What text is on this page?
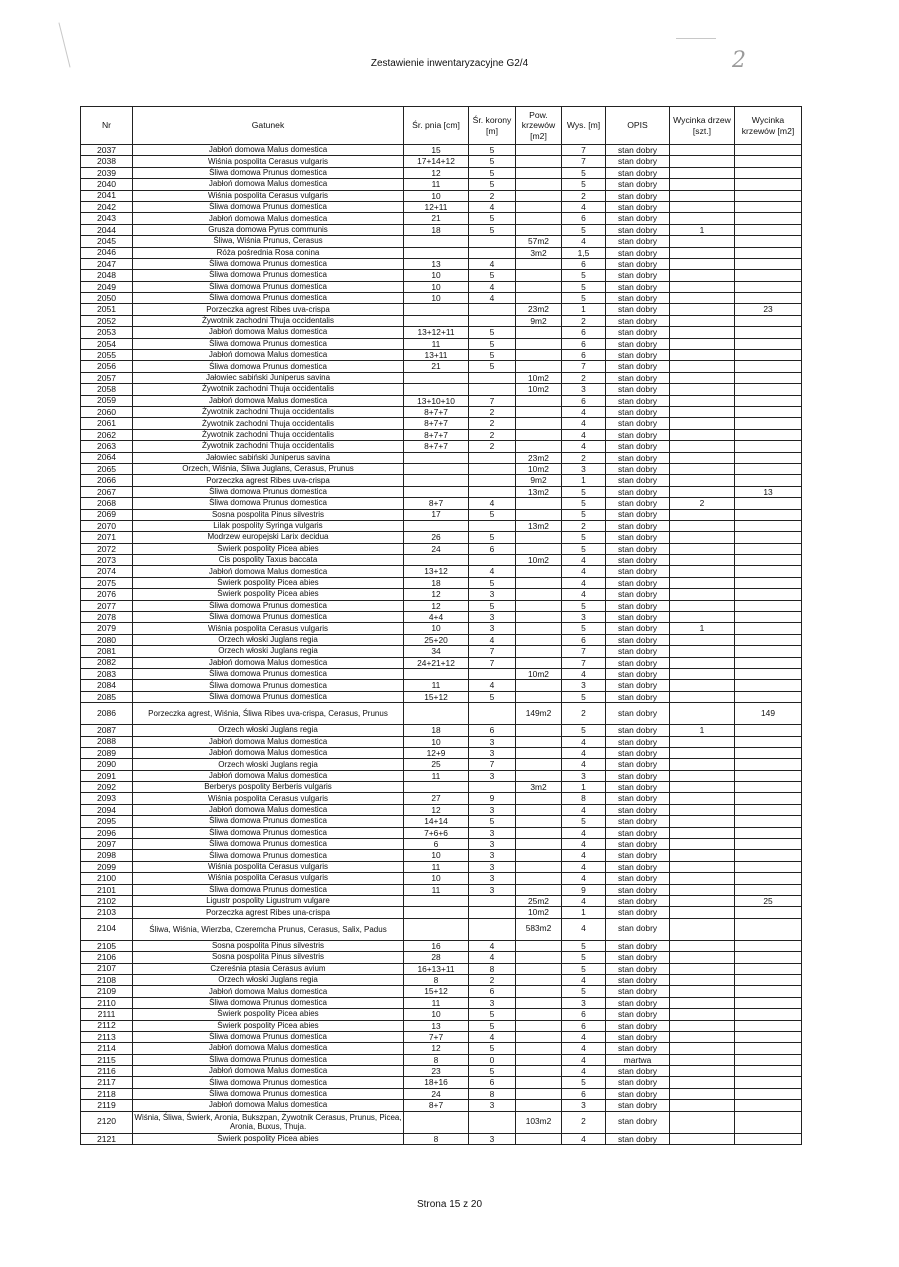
Zestawienie inwentaryzacyjne G2/4	2
Nr	Gatunek	Śr. pnia [cm]	Śr. korony [m]	Pow. krzewów [m2]	Wys. [m]	OPIS	Wycinka drzew [szt.]	Wycinka krzewów [m2]
2037	Jabłoń domowa Malus domestica	15	5		7	stan dobry		
2038	Wiśnia pospolita Cerasus vulgaris	17+14+12	5		7	stan dobry		
2039	Śliwa domowa Prunus domestica	12	5		5	stan dobry		
2040	Jabłoń domowa Malus domestica	11	5		5	stan dobry		
2041	Wiśnia pospolita Cerasus vulgaris	10	2		2	stan dobry		
2042	Śliwa domowa Prunus domestica	12+11	4		4	stan dobry		
2043	Jabłoń domowa Malus domestica	21	5		6	stan dobry		
2044	Grusza domowa Pyrus communis	18	5		5	stan dobry	1	
2045	Śliwa, Wiśnia Prunus, Cerasus			57m2	4	stan dobry		
2046	Róża pośrednia Rosa conina			3m2	1,5	stan dobry		
2047	Śliwa domowa Prunus domestica	13	4		6	stan dobry		
2048	Śliwa domowa Prunus domestica	10	5		5	stan dobry		
2049	Śliwa domowa Prunus domestica	10	4		5	stan dobry		
2050	Śliwa domowa Prunus domestica	10	4		5	stan dobry		
2051	Porzeczka agrest Ribes uva-crispa			23m2	1	stan dobry		23
2052	Żywotnik zachodni Thuja occidentalis			9m2	2	stan dobry		
2053	Jabłoń domowa Malus domestica	13+12+11	5		6	stan dobry		
2054	Śliwa domowa Prunus domestica	11	5		6	stan dobry		
2055	Jabłoń domowa Malus domestica	13+11	5		6	stan dobry		
2056	Śliwa domowa Prunus domestica	21	5		7	stan dobry		
2057	Jałowiec sabiński Juniperus savina			10m2	2	stan dobry		
2058	Żywotnik zachodni Thuja occidentalis			10m2	3	stan dobry		
2059	Jabłoń domowa Malus domestica	13+10+10	7		6	stan dobry		
2060	Żywotnik zachodni Thuja occidentalis	8+7+7	2		4	stan dobry		
2061	Żywotnik zachodni Thuja occidentalis	8+7+7	2		4	stan dobry		
2062	Żywotnik zachodni Thuja occidentalis	8+7+7	2		4	stan dobry		
2063	Żywotnik zachodni Thuja occidentalis	8+7+7	2		4	stan dobry		
2064	Jałowiec sabiński Juniperus savina			23m2	2	stan dobry		
2065	Orzech, Wiśnia, Śliwa Juglans, Cerasus, Prunus			10m2	3	stan dobry		
2066	Porzeczka agrest Ribes uva-crispa			9m2	1	stan dobry		
2067	Śliwa domowa Prunus domestica			13m2	5	stan dobry		13
2068	Śliwa domowa Prunus domestica	8+7	4		5	stan dobry	2	
2069	Sosna pospolita Pinus silvestris	17	5		5	stan dobry		
2070	Lilak pospolity Syringa vulgaris			13m2	2	stan dobry		
2071	Modrzew europejski Larix decidua	26	5		5	stan dobry		
2072	Świerk pospolity Picea abies	24	6		5	stan dobry		
2073	Cis pospolity Taxus baccata			10m2	4	stan dobry		
2074	Jabłoń domowa Malus domestica	13+12	4		4	stan dobry		
2075	Świerk pospolity Picea abies	18	5		4	stan dobry		
2076	Świerk pospolity Picea abies	12	3		4	stan dobry		
2077	Śliwa domowa Prunus domestica	12	5		5	stan dobry		
2078	Śliwa domowa Prunus domestica	4+4	3		3	stan dobry		
2079	Wiśnia pospolita Cerasus vulgaris	10	3		5	stan dobry	1	
2080	Orzech włoski Juglans regia	25+20	4		6	stan dobry		
2081	Orzech włoski Juglans regia	34	7		7	stan dobry		
2082	Jabłoń domowa Malus domestica	24+21+12	7		7	stan dobry		
2083	Śliwa domowa Prunus domestica			10m2	4	stan dobry		
2084	Śliwa domowa Prunus domestica	11	4		3	stan dobry		
2085	Śliwa domowa Prunus domestica	15+12	5		5	stan dobry		
2086	Porzeczka agrest, Wiśnia, Śliwa Ribes uva-crispa, Cerasus, Prunus			149m2	2	stan dobry		149
2087	Orzech włoski Juglans regia	18	6		5	stan dobry	1	
2088	Jabłoń domowa Malus domestica	10	3		4	stan dobry		
2089	Jabłoń domowa Malus domestica	12+9	3		4	stan dobry		
2090	Orzech włoski Juglans regia	25	7		4	stan dobry		
2091	Jabłoń domowa Malus domestica	11	3		3	stan dobry		
2092	Berberys pospolity Berberis vulgaris			3m2	1	stan dobry		
2093	Wiśnia pospolita Cerasus vulgaris	27	9		8	stan dobry		
2094	Jabłoń domowa Malus domestica	12	3		4	stan dobry		
2095	Śliwa domowa Prunus domestica	14+14	5		5	stan dobry		
2096	Śliwa domowa Prunus domestica	7+6+6	3		4	stan dobry		
2097	Śliwa domowa Prunus domestica	6	3		4	stan dobry		
2098	Śliwa domowa Prunus domestica	10	3		4	stan dobry		
2099	Wiśnia pospolita Cerasus vulgaris	11	3		4	stan dobry		
2100	Wiśnia pospolita Cerasus vulgaris	10	3		4	stan dobry		
2101	Śliwa domowa Prunus domestica	11	3		9	stan dobry		
2102	Ligustr pospolity Ligustrum vulgare			25m2	4	stan dobry		25
2103	Porzeczka agrest Ribes una-crispa			10m2	1	stan dobry		
2104	Śliwa, Wiśnia, Wierzba, Czeremcha Prunus, Cerasus, Salix, Padus			583m2	4	stan dobry		
2105	Sosna pospolita Pinus silvestris	16	4		5	stan dobry		
2106	Sosna pospolita Pinus silvestris	28	4		5	stan dobry		
2107	Czereśnia ptasia Cerasus avium	16+13+11	8		5	stan dobry		
2108	Orzech włoski Juglans regia	8	2		4	stan dobry		
2109	Jabłoń domowa Malus domestica	15+12	6		5	stan dobry		
2110	Śliwa domowa Prunus domestica	11	3		3	stan dobry		
2111	Świerk pospolity Picea abies	10	5		6	stan dobry		
2112	Świerk pospolity Picea abies	13	5		6	stan dobry		
2113	Śliwa domowa Prunus domestica	7+7	4		4	stan dobry		
2114	Jabłoń domowa Malus domestica	12	5		4	stan dobry		
2115	Śliwa domowa Prunus domestica	8	0		4	martwa		
2116	Jabłoń domowa Malus domestica	23	5		4	stan dobry		
2117	Śliwa domowa Prunus domestica	18+16	6		5	stan dobry		
2118	Śliwa domowa Prunus domestica	24	8		6	stan dobry		
2119	Jabłoń domowa Malus domestica	8+7	3		3	stan dobry		
2120	Wiśnia, Śliwa, Świerk, Aronia, Bukszpan, Żywotnik Cerasus, Prunus, Picea, Aronia, Buxus, Thuja.			103m2	2	stan dobry		
2121	Świerk pospolity Picea abies	8	3		4	stan dobry		
Strona 15 z 20
